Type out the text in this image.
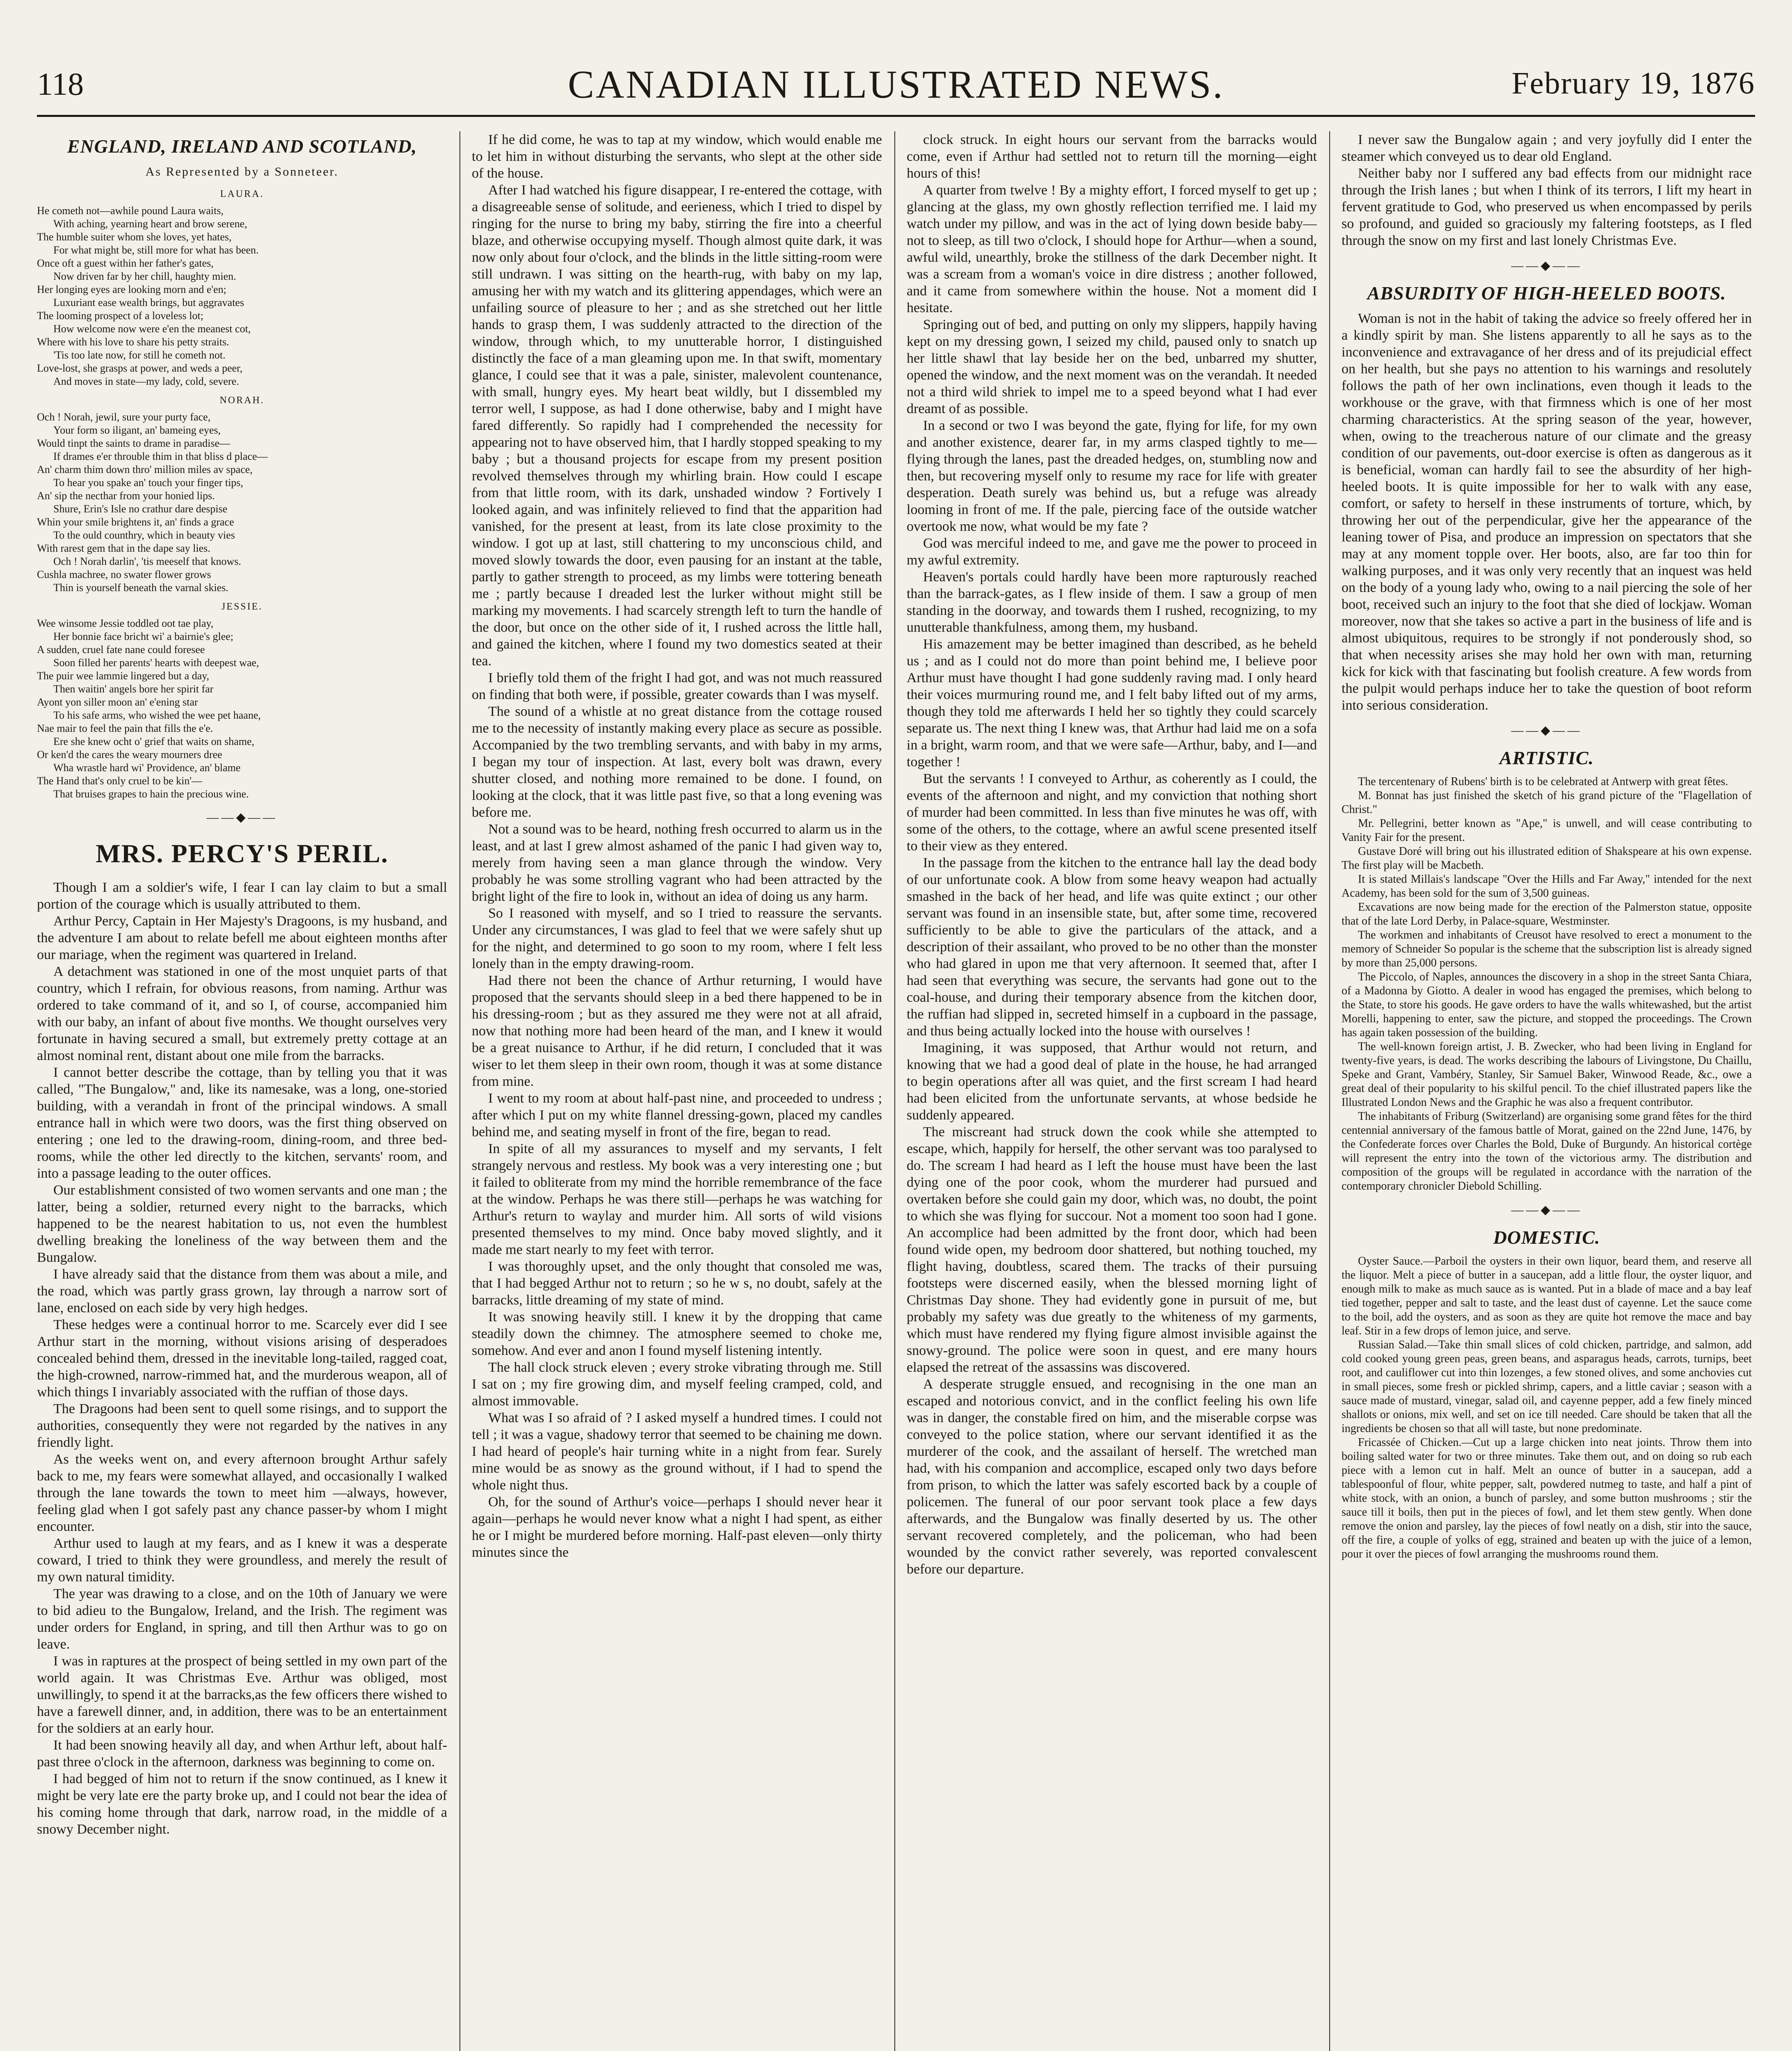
118	CANADIAN ILLUSTRATED NEWS.	February 19, 1876
ENGLAND, IRELAND AND SCOTLAND,
As Represented by a Sonneteer.
LAURA.

He cometh not—awhile pound Laura waits,

With aching, yearning heart and brow serene,

The humble suiter whom she loves, yet hates,

For what might be, still more for what has been.

Once oft a guest within her father's gates,

Now driven far by her chill, haughty mien.

Her longing eyes are looking morn and e'en;

Luxuriant ease wealth brings, but aggravates

The looming prospect of a loveless lot;

How welcome now were e'en the meanest cot,

Where with his love to share his petty straits.

'Tis too late now, for still he cometh not.

Love-lost, she grasps at power, and weds a peer,

And moves in state—my lady, cold, severe.

NORAH.

Och ! Norah, jewil, sure your purty face,

Your form so iligant, an' bameing eyes,

Would tinpt the saints to drame in paradise—

If drames e'er throuble thim in that bliss d place—

An' charm thim down thro' million miles av space,

To hear you spake an' touch your finger tips,

An' sip the necthar from your honied lips.

Shure, Erin's Isle no crathur dare despise

Whin your smile brightens it, an' finds a grace

To the ould counthry, which in beauty vies

With rarest gem that in the dape say lies.

Och ! Norah darlin', 'tis meeself that knows.

Cushla machree, no swater flower grows

Thin is yourself beneath the varnal skies.

JESSIE.

Wee winsome Jessie toddled oot tae play,

Her bonnie face bricht wi' a bairnie's glee;

A sudden, cruel fate nane could foresee

Soon filled her parents' hearts with deepest wae,

The puir wee lammie lingered but a day,

Then waitin' angels bore her spirit far

Ayont yon siller moon an' e'ening star

To his safe arms, who wished the wee pet haane,

Nae mair to feel the pain that fills the e'e.

Ere she knew ocht o' grief that waits on shame,

Or ken'd the cares the weary mourners dree

Wha wrastle hard wi' Providence, an' blame

The Hand that's only cruel to be kin'—

That bruises grapes to hain the precious wine.

——◆——
MRS. PERCY'S PERIL.

Though I am a soldier's wife, I fear I can lay claim to but a small portion of the courage which is usually attributed to them.

Arthur Percy, Captain in Her Majesty's Dragoons, is my husband, and the adventure I am about to relate befell me about eighteen months after our mariage, when the regiment was quartered in Ireland.

A detachment was stationed in one of the most unquiet parts of that country, which I refrain, for obvious reasons, from naming. Arthur was ordered to take command of it, and so I, of course, accompanied him with our baby, an infant of about five months. We thought ourselves very fortunate in having secured a small, but extremely pretty cottage at an almost nominal rent, distant about one mile from the barracks.

I cannot better describe the cottage, than by telling you that it was called, "The Bungalow," and, like its namesake, was a long, one-storied building, with a verandah in front of the principal windows. A small entrance hall in which were two doors, was the first thing observed on entering ; one led to the drawing-room, dining-room, and three bed-rooms, while the other led directly to the kitchen, servants' room, and into a passage leading to the outer offices.

Our establishment consisted of two women servants and one man ; the latter, being a soldier, returned every night to the barracks, which happened to be the nearest habitation to us, not even the humblest dwelling breaking the loneliness of the way between them and the Bungalow.

I have already said that the distance from them was about a mile, and the road, which was partly grass grown, lay through a narrow sort of lane, enclosed on each side by very high hedges.

These hedges were a continual horror to me. Scarcely ever did I see Arthur start in the morning, without visions arising of desperadoes concealed behind them, dressed in the inevitable long-tailed, ragged coat, the high-crowned, narrow-rimmed hat, and the murderous weapon, all of which things I invariably associated with the ruffian of those days.

The Dragoons had been sent to quell some risings, and to support the authorities, consequently they were not regarded by the natives in any friendly light.

As the weeks went on, and every afternoon brought Arthur safely back to me, my fears were somewhat allayed, and occasionally I walked through the lane towards the town to meet him —always, however, feeling glad when I got safely past any chance passer-by whom I might encounter.

Arthur used to laugh at my fears, and as I knew it was a desperate coward, I tried to think they were groundless, and merely the result of my own natural timidity.

The year was drawing to a close, and on the 10th of January we were to bid adieu to the Bungalow, Ireland, and the Irish. The regiment was under orders for England, in spring, and till then Arthur was to go on leave.

I was in raptures at the prospect of being settled in my own part of the world again. It was Christmas Eve. Arthur was obliged, most unwillingly, to spend it at the barracks,as the few officers there wished to have a farewell dinner, and, in addition, there was to be an entertainment for the soldiers at an early hour.

It had been snowing heavily all day, and when Arthur left, about half-past three o'clock in the afternoon, darkness was beginning to come on.

I had begged of him not to return if the snow continued, as I knew it might be very late ere the party broke up, and I could not bear the idea of his coming home through that dark, narrow road, in the middle of a snowy December night.

If he did come, he was to tap at my window, which would enable me to let him in without disturbing the servants, who slept at the other side of the house.

After I had watched his figure disappear, I re-entered the cottage, with a disagreeable sense of solitude, and eerieness, which I tried to dispel by ringing for the nurse to bring my baby, stirring the fire into a cheerful blaze, and otherwise occupying myself. Though almost quite dark, it was now only about four o'clock, and the blinds in the little sitting-room were still undrawn. I was sitting on the hearth-rug, with baby on my lap, amusing her with my watch and its glittering appendages, which were an unfailing source of pleasure to her ; and as she stretched out her little hands to grasp them, I was suddenly attracted to the direction of the window, through which, to my unutterable horror, I distinguished distinctly the face of a man gleaming upon me. In that swift, momentary glance, I could see that it was a pale, sinister, malevolent countenance, with small, hungry eyes. My heart beat wildly, but I dissembled my terror well, I suppose, as had I done otherwise, baby and I might have fared differently. So rapidly had I comprehended the necessity for appearing not to have observed him, that I hardly stopped speaking to my baby ; but a thousand projects for escape from my present position revolved themselves through my whirling brain. How could I escape from that little room, with its dark, unshaded window ? Fortively I looked again, and was infinitely relieved to find that the apparition had vanished, for the present at least, from its late close proximity to the window. I got up at last, still chattering to my unconscious child, and moved slowly towards the door, even pausing for an instant at the table, partly to gather strength to proceed, as my limbs were tottering beneath me ; partly because I dreaded lest the lurker without might still be marking my movements. I had scarcely strength left to turn the handle of the door, but once on the other side of it, I rushed across the little hall, and gained the kitchen, where I found my two domestics seated at their tea.

I briefly told them of the fright I had got, and was not much reassured on finding that both were, if possible, greater cowards than I was myself.

The sound of a whistle at no great distance from the cottage roused me to the necessity of instantly making every place as secure as possible. Accompanied by the two trembling servants, and with baby in my arms, I began my tour of inspection. At last, every bolt was drawn, every shutter closed, and nothing more remained to be done. I found, on looking at the clock, that it was little past five, so that a long evening was before me.

Not a sound was to be heard, nothing fresh occurred to alarm us in the least, and at last I grew almost ashamed of the panic I had given way to, merely from having seen a man glance through the window. Very probably he was some strolling vagrant who had been attracted by the bright light of the fire to look in, without an idea of doing us any harm.

So I reasoned with myself, and so I tried to reassure the servants. Under any circumstances, I was glad to feel that we were safely shut up for the night, and determined to go soon to my room, where I felt less lonely than in the empty drawing-room.

Had there not been the chance of Arthur returning, I would have proposed that the servants should sleep in a bed there happened to be in his dressing-room ; but as they assured me they were not at all afraid, now that nothing more had been heard of the man, and I knew it would be a great nuisance to Arthur, if he did return, I concluded that it was wiser to let them sleep in their own room, though it was at some distance from mine.

I went to my room at about half-past nine, and proceeded to undress ; after which I put on my white flannel dressing-gown, placed my candles behind me, and seating myself in front of the fire, began to read.

In spite of all my assurances to myself and my servants, I felt strangely nervous and restless. My book was a very interesting one ; but it failed to obliterate from my mind the horrible remembrance of the face at the window. Perhaps he was there still—perhaps he was watching for Arthur's return to waylay and murder him. All sorts of wild visions presented themselves to my mind. Once baby moved slightly, and it made me start nearly to my feet with terror.

I was thoroughly upset, and the only thought that consoled me was, that I had begged Arthur not to return ; so he w s, no doubt, safely at the barracks, little dreaming of my state of mind.

It was snowing heavily still. I knew it by the dropping that came steadily down the chimney. The atmosphere seemed to choke me, somehow. And ever and anon I found myself listening intently.

The hall clock struck eleven ; every stroke vibrating through me. Still I sat on ; my fire growing dim, and myself feeling cramped, cold, and almost immovable.

What was I so afraid of ? I asked myself a hundred times. I could not tell ; it was a vague, shadowy terror that seemed to be chaining me down. I had heard of people's hair turning white in a night from fear. Surely mine would be as snowy as the ground without, if I had to spend the whole night thus.

Oh, for the sound of Arthur's voice—perhaps I should never hear it again—perhaps he would never know what a night I had spent, as either he or I might be murdered before morning. Half-past eleven—only thirty minutes since the

clock struck. In eight hours our servant from the barracks would come, even if Arthur had settled not to return till the morning—eight hours of this!

A quarter from twelve ! By a mighty effort, I forced myself to get up ; glancing at the glass, my own ghostly reflection terrified me. I laid my watch under my pillow, and was in the act of lying down beside baby—not to sleep, as till two o'clock, I should hope for Arthur—when a sound, awful wild, unearthly, broke the stillness of the dark December night. It was a scream from a woman's voice in dire distress ; another followed, and it came from somewhere within the house. Not a moment did I hesitate.

Springing out of bed, and putting on only my slippers, happily having kept on my dressing gown, I seized my child, paused only to snatch up her little shawl that lay beside her on the bed, unbarred my shutter, opened the window, and the next moment was on the verandah. It needed not a third wild shriek to impel me to a speed beyond what I had ever dreamt of as possible.

In a second or two I was beyond the gate, flying for life, for my own and another existence, dearer far, in my arms clasped tightly to me—flying through the lanes, past the dreaded hedges, on, stumbling now and then, but recovering myself only to resume my race for life with greater desperation. Death surely was behind us, but a refuge was already looming in front of me. If the pale, piercing face of the outside watcher overtook me now, what would be my fate ?

God was merciful indeed to me, and gave me the power to proceed in my awful extremity.

Heaven's portals could hardly have been more rapturously reached than the barrack-gates, as I flew inside of them. I saw a group of men standing in the doorway, and towards them I rushed, recognizing, to my unutterable thankfulness, among them, my husband.

His amazement may be better imagined than described, as he beheld us ; and as I could not do more than point behind me, I believe poor Arthur must have thought I had gone suddenly raving mad. I only heard their voices murmuring round me, and I felt baby lifted out of my arms, though they told me afterwards I held her so tightly they could scarcely separate us. The next thing I knew was, that Arthur had laid me on a sofa in a bright, warm room, and that we were safe—Arthur, baby, and I—and together !

But the servants ! I conveyed to Arthur, as coherently as I could, the events of the afternoon and night, and my conviction that nothing short of murder had been committed. In less than five minutes he was off, with some of the others, to the cottage, where an awful scene presented itself to their view as they entered.

In the passage from the kitchen to the entrance hall lay the dead body of our unfortunate cook. A blow from some heavy weapon had actually smashed in the back of her head, and life was quite extinct ; our other servant was found in an insensible state, but, after some time, recovered sufficiently to be able to give the particulars of the attack, and a description of their assailant, who proved to be no other than the monster who had glared in upon me that very afternoon. It seemed that, after I had seen that everything was secure, the servants had gone out to the coal-house, and during their temporary absence from the kitchen door, the ruffian had slipped in, secreted himself in a cupboard in the passage, and thus being actually locked into the house with ourselves !

Imagining, it was supposed, that Arthur would not return, and knowing that we had a good deal of plate in the house, he had arranged to begin operations after all was quiet, and the first scream I had heard had been elicited from the unfortunate servants, at whose bedside he suddenly appeared.

The miscreant had struck down the cook while she attempted to escape, which, happily for herself, the other servant was too paralysed to do. The scream I had heard as I left the house must have been the last dying one of the poor cook, whom the murderer had pursued and overtaken before she could gain my door, which was, no doubt, the point to which she was flying for succour. Not a moment too soon had I gone. An accomplice had been admitted by the front door, which had been found wide open, my bedroom door shattered, but nothing touched, my flight having, doubtless, scared them. The tracks of their pursuing footsteps were discerned easily, when the blessed morning light of Christmas Day shone. They had evidently gone in pursuit of me, but probably my safety was due greatly to the whiteness of my garments, which must have rendered my flying figure almost invisible against the snowy-ground. The police were soon in quest, and ere many hours elapsed the retreat of the assassins was discovered.

A desperate struggle ensued, and recognising in the one man an escaped and notorious convict, and in the conflict feeling his own life was in danger, the constable fired on him, and the miserable corpse was conveyed to the police station, where our servant identified it as the murderer of the cook, and the assailant of herself. The wretched man had, with his companion and accomplice, escaped only two days before from prison, to which the latter was safely escorted back by a couple of policemen. The funeral of our poor servant took place a few days afterwards, and the Bungalow was finally deserted by us. The other servant recovered completely, and the policeman, who had been wounded by the convict rather severely, was reported convalescent before our departure.

I never saw the Bungalow again ; and very joyfully did I enter the steamer which conveyed us to dear old England.

Neither baby nor I suffered any bad effects from our midnight race through the Irish lanes ; but when I think of its terrors, I lift my heart in fervent gratitude to God, who preserved us when encompassed by perils so profound, and guided so graciously my faltering footsteps, as I fled through the snow on my first and last lonely Christmas Eve.

——◆——
ABSURDITY OF HIGH-HEELED BOOTS.

Woman is not in the habit of taking the advice so freely offered her in a kindly spirit by man. She listens apparently to all he says as to the inconvenience and extravagance of her dress and of its prejudicial effect on her health, but she pays no attention to his warnings and resolutely follows the path of her own inclinations, even though it leads to the workhouse or the grave, with that firmness which is one of her most charming characteristics. At the spring season of the year, however, when, owing to the treacherous nature of our climate and the greasy condition of our pavements, out-door exercise is often as dangerous as it is beneficial, woman can hardly fail to see the absurdity of her high-heeled boots. It is quite impossible for her to walk with any ease, comfort, or safety to herself in these instruments of torture, which, by throwing her out of the perpendicular, give her the appearance of the leaning tower of Pisa, and produce an impression on spectators that she may at any moment topple over. Her boots, also, are far too thin for walking purposes, and it was only very recently that an inquest was held on the body of a young lady who, owing to a nail piercing the sole of her boot, received such an injury to the foot that she died of lockjaw. Woman moreover, now that she takes so active a part in the business of life and is almost ubiquitous, requires to be strongly if not ponderously shod, so that when necessity arises she may hold her own with man, returning kick for kick with that fascinating but foolish creature. A few words from the pulpit would perhaps induce her to take the question of boot reform into serious consideration.

——◆——
ARTISTIC.

The tercentenary of Rubens' birth is to be celebrated at Antwerp with great fêtes.

M. Bonnat has just finished the sketch of his grand picture of the "Flagellation of Christ."

Mr. Pellegrini, better known as "Ape," is unwell, and will cease contributing to Vanity Fair for the present.

Gustave Doré will bring out his illustrated edition of Shakspeare at his own expense. The first play will be Macbeth.

It is stated Millais's landscape "Over the Hills and Far Away," intended for the next Academy, has been sold for the sum of 3,500 guineas.

Excavations are now being made for the erection of the Palmerston statue, opposite that of the late Lord Derby, in Palace-square, Westminster.

The workmen and inhabitants of Creusot have resolved to erect a monument to the memory of Schneider So popular is the scheme that the subscription list is already signed by more than 25,000 persons.

The Piccolo, of Naples, announces the discovery in a shop in the street Santa Chiara, of a Madonna by Giotto. A dealer in wood has engaged the premises, which belong to the State, to store his goods. He gave orders to have the walls whitewashed, but the artist Morelli, happening to enter, saw the picture, and stopped the proceedings. The Crown has again taken possession of the building.

The well-known foreign artist, J. B. Zwecker, who had been living in England for twenty-five years, is dead. The works describing the labours of Livingstone, Du Chaillu, Speke and Grant, Vambéry, Stanley, Sir Samuel Baker, Winwood Reade, &c., owe a great deal of their popularity to his skilful pencil. To the chief illustrated papers like the Illustrated London News and the Graphic he was also a frequent contributor.

The inhabitants of Friburg (Switzerland) are organising some grand fêtes for the third centennial anniversary of the famous battle of Morat, gained on the 22nd June, 1476, by the Confederate forces over Charles the Bold, Duke of Burgundy. An historical cortège will represent the entry into the town of the victorious army. The distribution and composition of the groups will be regulated in accordance with the narration of the contemporary chronicler Diebold Schilling.

——◆——
DOMESTIC.

Oyster Sauce.—Parboil the oysters in their own liquor, beard them, and reserve all the liquor. Melt a piece of butter in a saucepan, add a little flour, the oyster liquor, and enough milk to make as much sauce as is wanted. Put in a blade of mace and a bay leaf tied together, pepper and salt to taste, and the least dust of cayenne. Let the sauce come to the boil, add the oysters, and as soon as they are quite hot remove the mace and bay leaf. Stir in a few drops of lemon juice, and serve.

Russian Salad.—Take thin small slices of cold chicken, partridge, and salmon, add cold cooked young green peas, green beans, and asparagus heads, carrots, turnips, beet root, and cauliflower cut into thin lozenges, a few stoned olives, and some anchovies cut in small pieces, some fresh or pickled shrimp, capers, and a little caviar ; season with a sauce made of mustard, vinegar, salad oil, and cayenne pepper, add a few finely minced shallots or onions, mix well, and set on ice till needed. Care should be taken that all the ingredients be chosen so that all will taste, but none predominate.

Fricassée of Chicken.—Cut up a large chicken into neat joints. Throw them into boiling salted water for two or three minutes. Take them out, and on doing so rub each piece with a lemon cut in half. Melt an ounce of butter in a saucepan, add a tablespoonful of flour, white pepper, salt, powdered nutmeg to taste, and half a pint of white stock, with an onion, a bunch of parsley, and some button mushrooms ; stir the sauce till it boils, then put in the pieces of fowl, and let them stew gently. When done remove the onion and parsley, lay the pieces of fowl neatly on a dish, stir into the sauce, off the fire, a couple of yolks of egg, strained and beaten up with the juice of a lemon, pour it over the pieces of fowl arranging the mushrooms round them.
